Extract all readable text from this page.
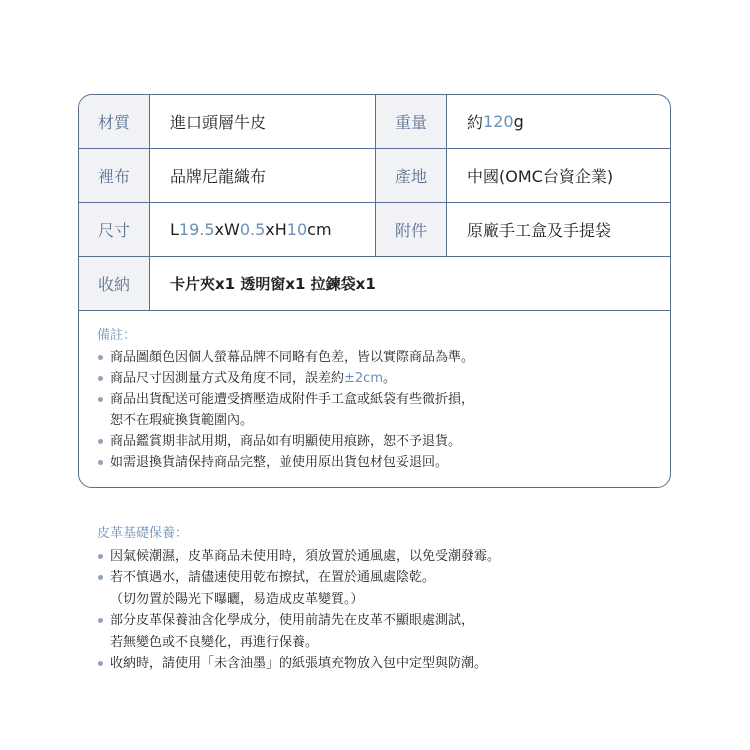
材質	進口頭層牛皮	重量	約 120 g
裡布	品牌尼龍織布	產地	中國(OMC台資企業)
尺寸	L 19.5 xW 0.5 xH 10 cm	附件	原廠手工盒及手提袋
收納	卡片夾x1 透明窗x1 拉鍊袋x1
備註：
商品圖顏色因個人螢幕品牌不同略有色差，皆以實際商品為準。
商品尺寸因測量方式及角度不同，誤差約±2cm。
商品出貨配送可能遭受擠壓造成附件手工盒或紙袋有些微折損，
恕不在瑕疵換貨範圍內。
商品鑑賞期非試用期，商品如有明顯使用痕跡，恕不予退貨。
如需退換貨請保持商品完整，並使用原出貨包材包妥退回。
皮革基礎保養：
因氣候潮濕，皮革商品未使用時，須放置於通風處，以免受潮發霉。
若不慎遇水，請儘速使用乾布擦拭，在置於通風處陰乾。
（切勿置於陽光下曝曬，易造成皮革變質。）
部分皮革保養油含化學成分，使用前請先在皮革不顯眼處測試，
若無變色或不良變化，再進行保養。
收納時，請使用「未含油墨」的紙張填充物放入包中定型與防潮。
